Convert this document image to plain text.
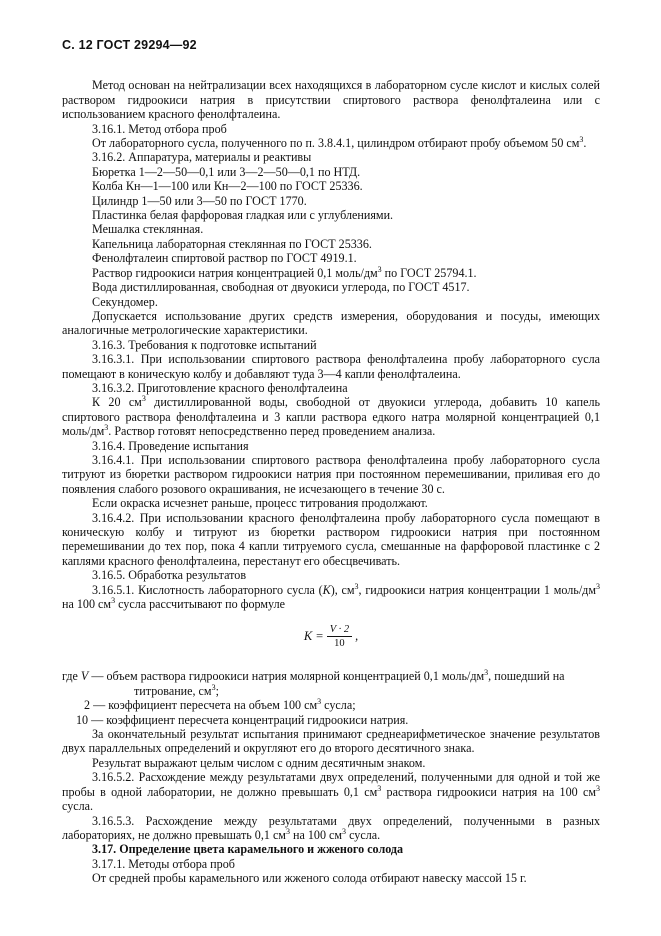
С. 12 ГОСТ 29294—92

Метод основан на нейтрализации всех находящихся в лабораторном сусле кислот и кислых солей раствором гидроокиси натрия в присутствии спиртового раствора фенолфталеина или с использованием красного фенолфталеина.

3.16.1. Метод отбора проб

От лабораторного сусла, полученного по п. 3.8.4.1, цилиндром отбирают пробу объемом 50 $см^3$.

3.16.2. Аппаратура, материалы и реактивы

Бюретка 1—2—50—0,1 или 3—2—50—0,1 по НТД.

Колба Кн—1—100 или Кн—2—100 по ГОСТ 25336.

Цилиндр 1—50 или 3—50 по ГОСТ 1770.

Пластинка белая фарфоровая гладкая или с углублениями.

Мешалка стеклянная.

Капельница лабораторная стеклянная по ГОСТ 25336.

Фенолфталеин спиртовой раствор по ГОСТ 4919.1.

Раствор гидроокиси натрия концентрацией 0,1 моль/$дм^3$ по ГОСТ 25794.1.

Вода дистиллированная, свободная от двуокиси углерода, по ГОСТ 4517.

Секундомер.

Допускается использование других средств измерения, оборудования и посуды, имеющих аналогичные метрологические характеристики.

3.16.3. Требования к подготовке испытаний

3.16.3.1. При использовании спиртового раствора фенолфталеина пробу лабораторного сусла помещают в коническую колбу и добавляют туда 3—4 капли фенолфталеина.

3.16.3.2. Приготовление красного фенолфталеина

К 20 $см^3$ дистиллированной воды, свободной от двуокиси углерода, добавить 10 капель спиртового раствора фенолфталеина и 3 капли раствора едкого натра молярной концентрацией 0,1 моль/$дм^3$. Раствор готовят непосредственно перед проведением анализа.

3.16.4. Проведение испытания

3.16.4.1. При использовании спиртового раствора фенолфталеина пробу лабораторного сусла титруют из бюретки раствором гидроокиси натрия при постоянном перемешивании, приливая его до появления слабого розового окрашивания, не исчезающего в течение 30 с.

Если окраска исчезнет раньше, процесс титрования продолжают.

3.16.4.2. При использовании красного фенолфталеина пробу лабораторного сусла помещают в коническую колбу и титруют из бюретки раствором гидроокиси натрия при постоянном перемешивании до тех пор, пока 4 капли титруемого сусла, смешанные на фарфоровой пластинке с 2 каплями красного фенолфталеина, перестанут его обесцвечивать.

3.16.5. Обработка результатов

3.16.5.1. Кислотность лабораторного сусла (К), $см^3$, гидроокиси натрия концентрации 1 моль/$дм^3$ на 100 $см^3$ сусла рассчитывают по формуле

$K = \frac{V \cdot 2}{10}$ ,

где V — объем раствора гидроокиси натрия молярной концентрацией 0,1 моль/$дм^3$, пошедший на

титрование, $см^3$;

2 — коэффициент пересчета на объем 100 $см^3$ сусла;

10 — коэффициент пересчета концентраций гидроокиси натрия.

За окончательный результат испытания принимают среднеарифметическое значение результатов двух параллельных определений и округляют его до второго десятичного знака.

Результат выражают целым числом с одним десятичным знаком.

3.16.5.2. Расхождение между результатами двух определений, полученными для одной и той же пробы в одной лаборатории, не должно превышать 0,1 $см^3$ раствора гидроокиси натрия на 100 $см^3$ сусла.

3.16.5.3. Расхождение между результатами двух определений, полученными в разных лабораториях, не должно превышать 0,1 $см^3$ на 100 $см^3$ сусла.

3.17. Определение цвета карамельного и жженого солода

3.17.1. Методы отбора проб

От средней пробы карамельного или жженого солода отбирают навеску массой 15 г.
